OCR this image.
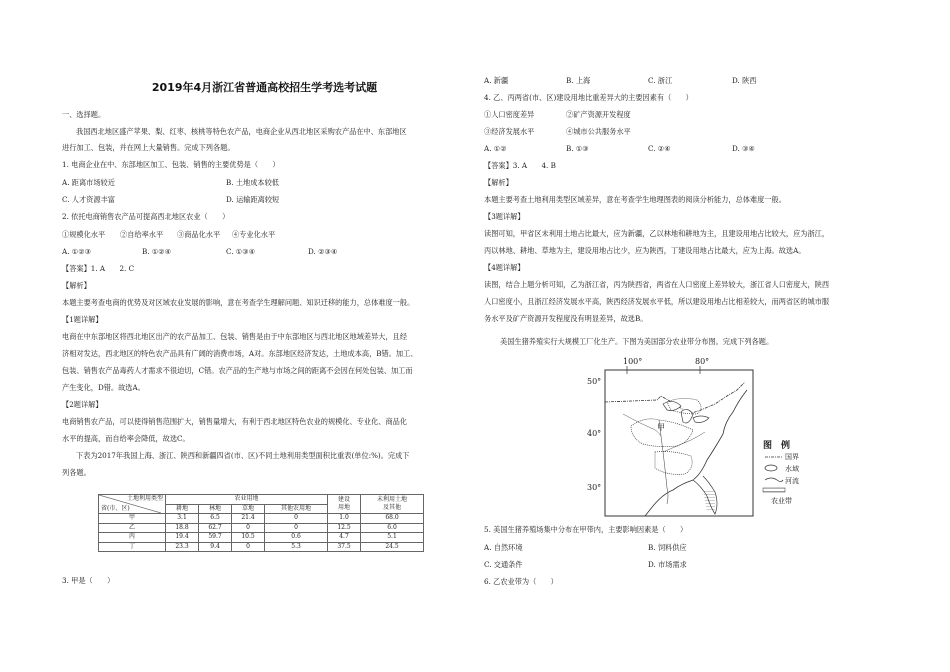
2019年4月浙江省普通高校招生学考选考试题
一、选择题。
我国西北地区盛产苹果、梨、红枣、核桃等特色农产品，电商企业从西北地区采购农产品在中、东部地区
进行加工、包装，并在网上大量销售。完成下列各题。
1. 电商企业在中、东部地区加工、包装、销售的主要优势是（　　）
A. 距离市场较近	B. 土地成本较低
C. 人才资源丰富	D. 运输距离较短
2. 依托电商销售农产品可提高西北地区农业（　　）
①规模化水平 ②自给率水平 ③商品化水平 ④专业化水平
A. ①②③	B. ①②④	C. ①③④	D. ②③④
【答案】1. A　　2. C
【解析】
本题主要考查电商的优势及对区域农业发展的影响，意在考查学生理解问题、知识迁移的能力，总体难度一般。
【1题详解】
电商在中东部地区将西北地区出产的农产品加工、包装、销售是由于中东部地区与西北地区地域差异大，且经
济相对发达，西北地区的特色农产品具有广阔的消费市场，A对。东部地区经济发达，土地成本高，B错。加工、
包装、销售农产品毒药人才需求不很迫切，C错。农产品的生产地与市场之间的距离不会因在何处包装、加工而
产生变化，D错。故选A。
【2题详解】
电商销售农产品，可以使得销售范围扩大，销售量增大，有利于西北地区特色农业的规模化、专业化、商品化
水平的提高，而自给率会降低，故选C。
下表为2017年我国上海、浙江、陕西和新疆四省(市、区)不同土地利用类型面积比重表(单位:%)。完成下
列各题。
土地利用类型
省(市、区)	农业用地				建设
用地	未利用土地
及其他
	耕地	林地	草地	其他农用地		
甲	3.1	6.5	21.4	0	1.0	68.0
乙	18.8	62.7	0	0	12.5	6.0
丙	19.4	59.7	10.5	0.6	4.7	5.1
丁	23.3	9.4	0	5.3	37.5	24.5
3. 甲是（　　）
A. 新疆	B. 上海	C. 浙江	D. 陕西
4. 乙、丙两省(市、区)建设用地比重差异大的主要因素有（　　）
①人口密度差异	②矿产资源开发程度
③经济发展水平	④城市公共服务水平
A. ①②	B. ①③	C. ②④	D. ③④
【答案】3. A　　4. B
【解析】
本题主要考查土地利用类型区域差异，意在考查学生地理图表的阅读分析能力，总体难度一般。
【3题详解】
读图可知，甲省区未利用土地占比最大，应为新疆，乙以林地和耕地为主，且建设用地占比较大，应为浙江，
丙以林地、耕地、草地为主，建设用地占比少，应为陕西，丁建设用地占比最大，应为上海。故选A。
【4题详解】
读图，结合上题分析可知，乙为浙江省，丙为陕西省，两省在人口密度上差异较大，浙江省人口密度大，陕西
人口密度小，且浙江经济发展水平高，陕西经济发展水平低，所以建设用地占比相差较大，而两省区的城市服
务水平及矿产资源开发程度没有明显差异，故选B。
美国生猪养殖实行大规模工厂化生产。下图为美国部分农业带分布图。完成下列各题。
100°	80°
50°
40°
30°
甲
图　例
国界
水域
河流
农业带
5. 美国生猪养殖场集中分布在甲带内，主要影响因素是（　　）
A. 自然环境	B. 饲料供应
C. 交通条件	D. 市场需求
6. 乙农业带为（　　）
